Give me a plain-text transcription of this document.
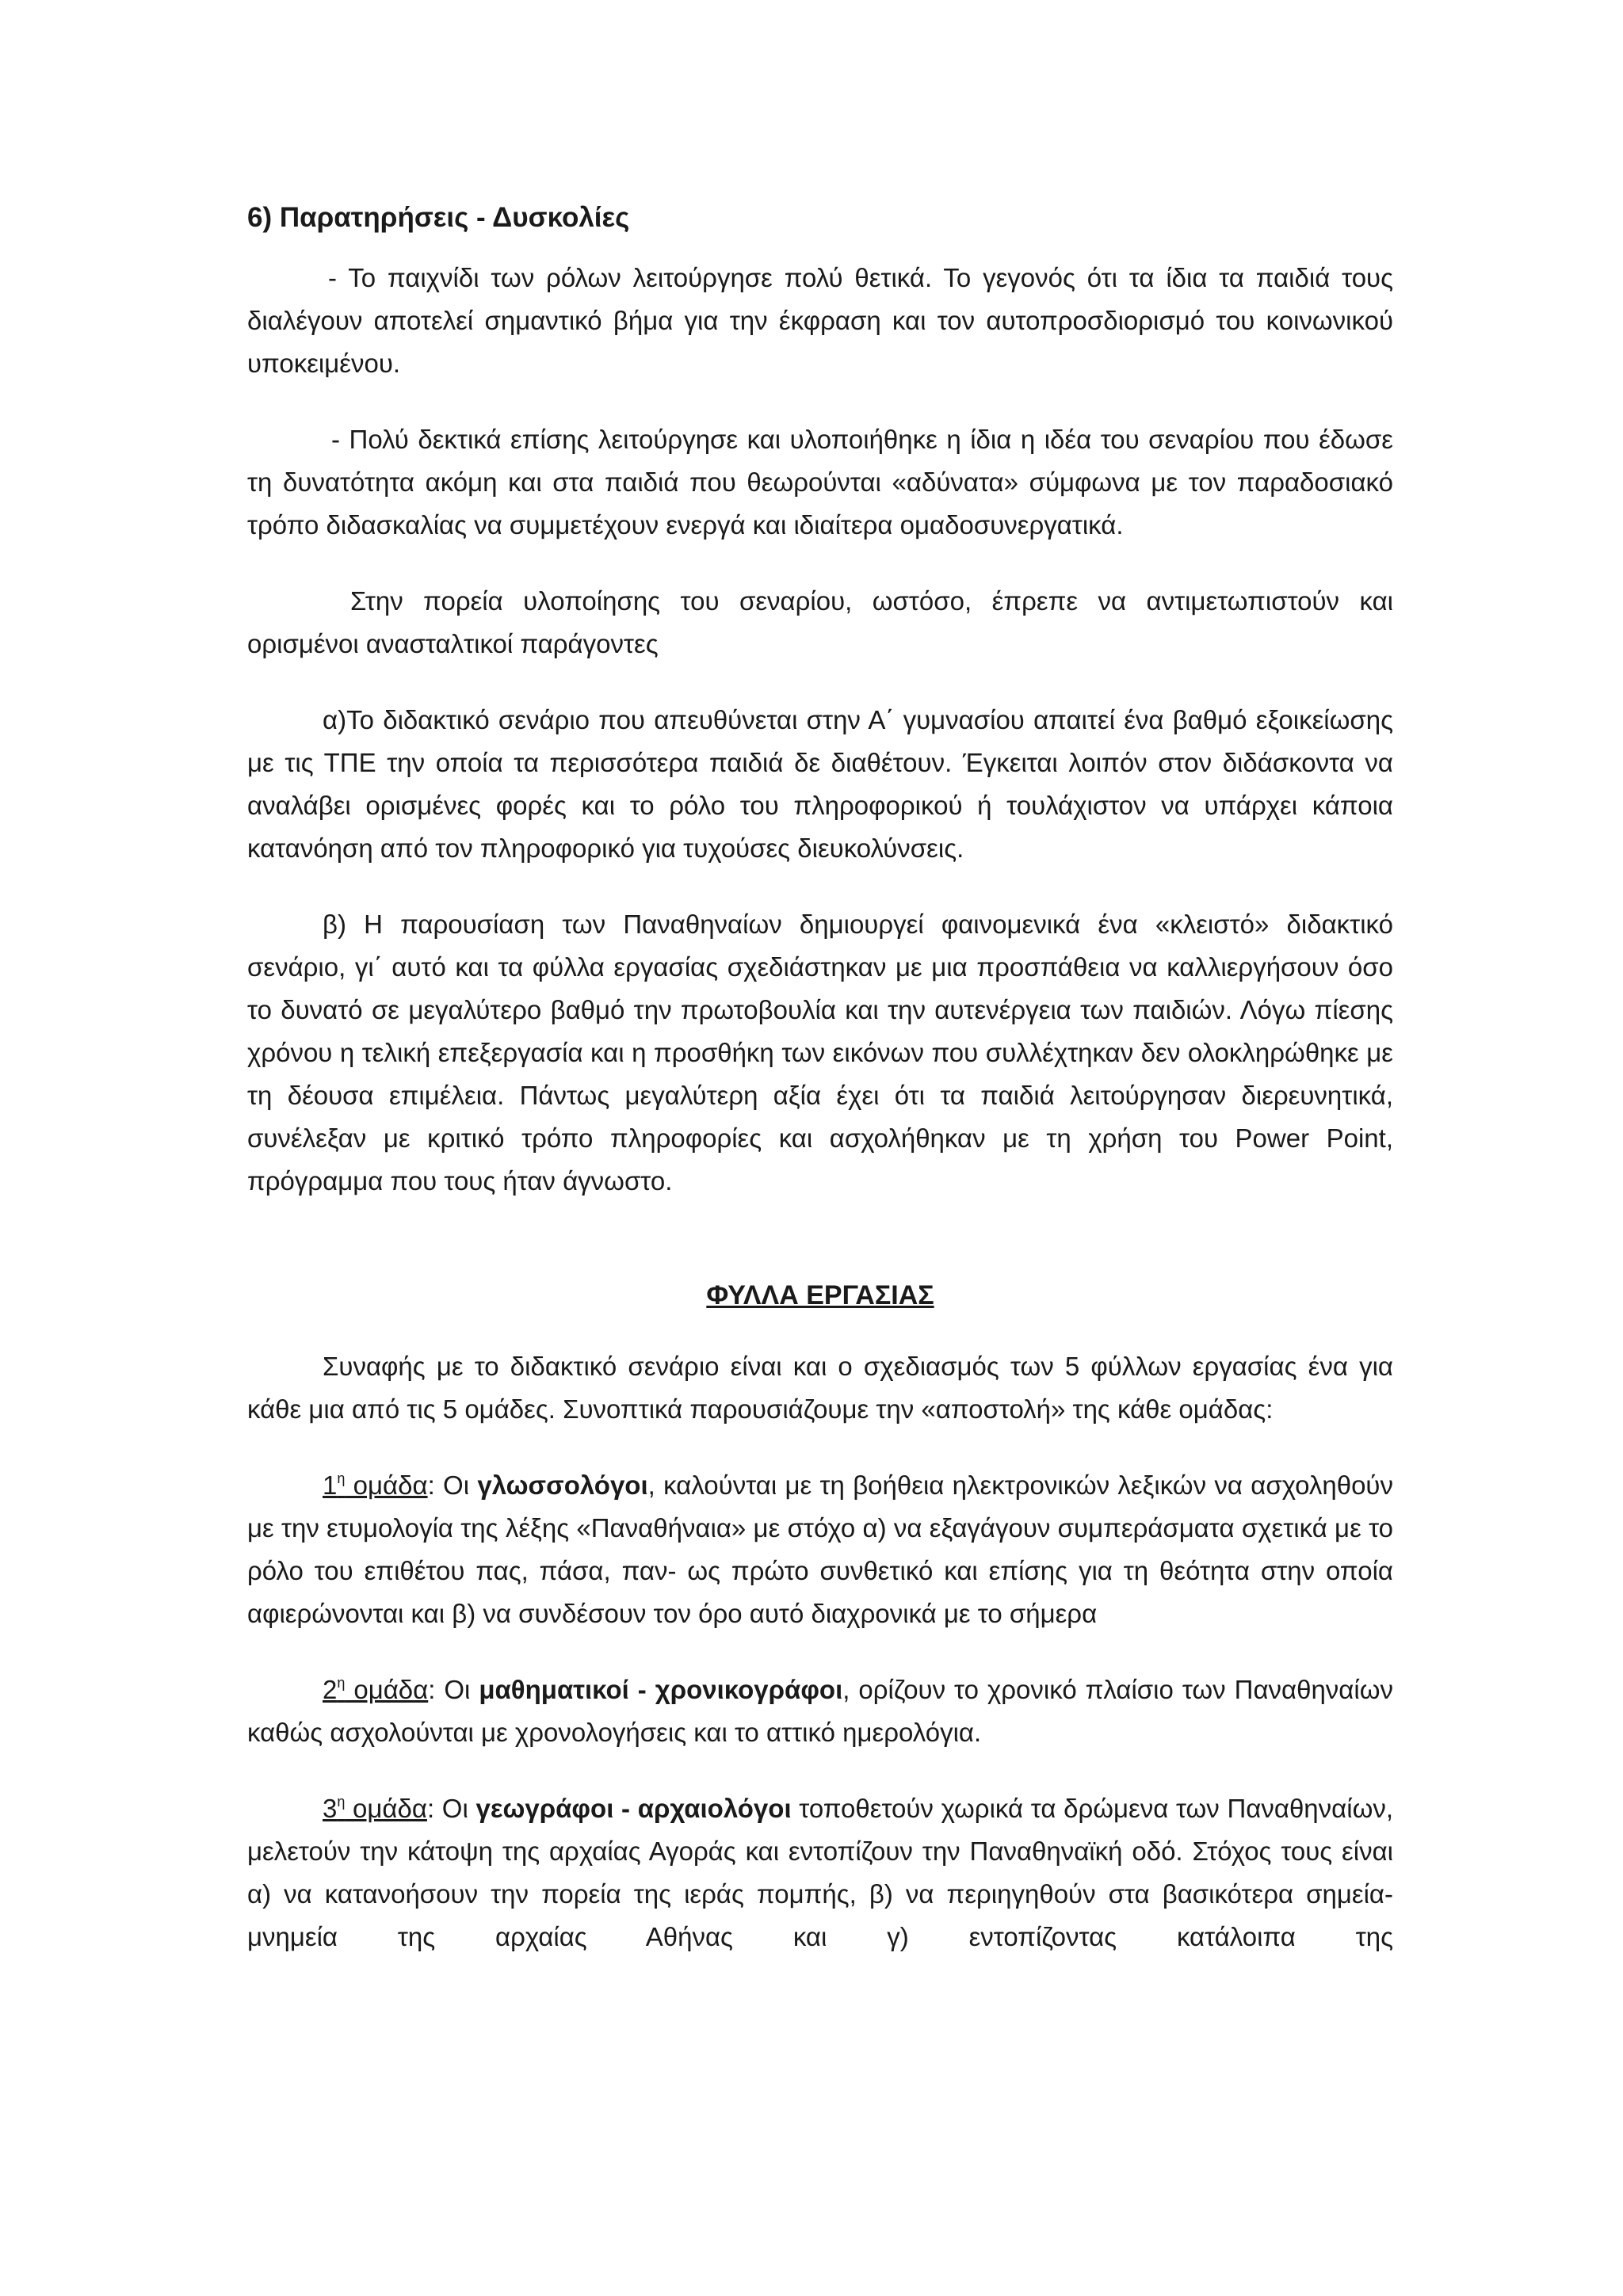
6) Παρατηρήσεις - Δυσκολίες

- Το παιχνίδι των ρόλων λειτούργησε πολύ θετικά. Το γεγονός ότι τα ίδια τα παιδιά τους διαλέγουν αποτελεί σημαντικό βήμα για την έκφραση και τον αυτοπροσδιορισμό του κοινωνικού υποκειμένου.

- Πολύ δεκτικά επίσης λειτούργησε και υλοποιήθηκε η ίδια η ιδέα του σεναρίου που έδωσε τη δυνατότητα ακόμη και στα παιδιά που θεωρούνται «αδύνατα» σύμφωνα με τον παραδοσιακό τρόπο διδασκαλίας να συμμετέχουν ενεργά και ιδιαίτερα ομαδοσυνεργατικά.

Στην πορεία υλοποίησης του σεναρίου, ωστόσο, έπρεπε να αντιμετωπιστούν και ορισμένοι ανασταλτικοί παράγοντες

α)Το διδακτικό σενάριο που απευθύνεται στην Α΄ γυμνασίου απαιτεί ένα βαθμό εξοικείωσης με τις ΤΠΕ την οποία τα περισσότερα παιδιά δε διαθέτουν. Έγκειται λοιπόν στον διδάσκοντα να αναλάβει ορισμένες φορές και το ρόλο του πληροφορικού ή τουλάχιστον να υπάρχει κάποια κατανόηση από τον πληροφορικό για τυχούσες διευκολύνσεις.

β) Η παρουσίαση των Παναθηναίων δημιουργεί φαινομενικά ένα «κλειστό» διδακτικό σενάριο, γι΄ αυτό και τα φύλλα εργασίας σχεδιάστηκαν με μια προσπάθεια να καλλιεργήσουν όσο το δυνατό σε μεγαλύτερο βαθμό την πρωτοβουλία και την αυτενέργεια των παιδιών. Λόγω πίεσης χρόνου η τελική επεξεργασία και η προσθήκη των εικόνων που συλλέχτηκαν δεν ολοκληρώθηκε με τη δέουσα επιμέλεια. Πάντως μεγαλύτερη αξία έχει ότι τα παιδιά λειτούργησαν διερευνητικά, συνέλεξαν με κριτικό τρόπο πληροφορίες και ασχολήθηκαν με τη χρήση του Power Point, πρόγραμμα που τους ήταν άγνωστο.

ΦΥΛΛΑ ΕΡΓΑΣΙΑΣ

Συναφής με το διδακτικό σενάριο είναι και ο σχεδιασμός των 5 φύλλων εργασίας ένα για κάθε μια από τις 5 ομάδες. Συνοπτικά παρουσιάζουμε την «αποστολή» της κάθε ομάδας:

$1^\eta$ ομάδα: Οι γλωσσολόγοι, καλούνται με τη βοήθεια ηλεκτρονικών λεξικών να ασχοληθούν με την ετυμολογία της λέξης «Παναθήναια» με στόχο α) να εξαγάγουν συμπεράσματα σχετικά με το ρόλο του επιθέτου πας, πάσα, παν- ως πρώτο συνθετικό και επίσης για τη θεότητα στην οποία αφιερώνονται και β) να συνδέσουν τον όρο αυτό διαχρονικά με το σήμερα

$2^\eta$ ομάδα: Οι μαθηματικοί - χρονικογράφοι, ορίζουν το χρονικό πλαίσιο των Παναθηναίων καθώς ασχολούνται με χρονολογήσεις και το αττικό ημερολόγια.

$3^\eta$ ομάδα: Οι γεωγράφοι - αρχαιολόγοι τοποθετούν χωρικά τα δρώμενα των Παναθηναίων, μελετούν την κάτοψη της αρχαίας Αγοράς και εντοπίζουν την Παναθηναϊκή οδό. Στόχος τους είναι α) να κατανοήσουν την πορεία της ιεράς πομπής, β) να περιηγηθούν στα βασικότερα σημεία-μνημεία της αρχαίας Αθήνας και γ) εντοπίζοντας κατάλοιπα της
